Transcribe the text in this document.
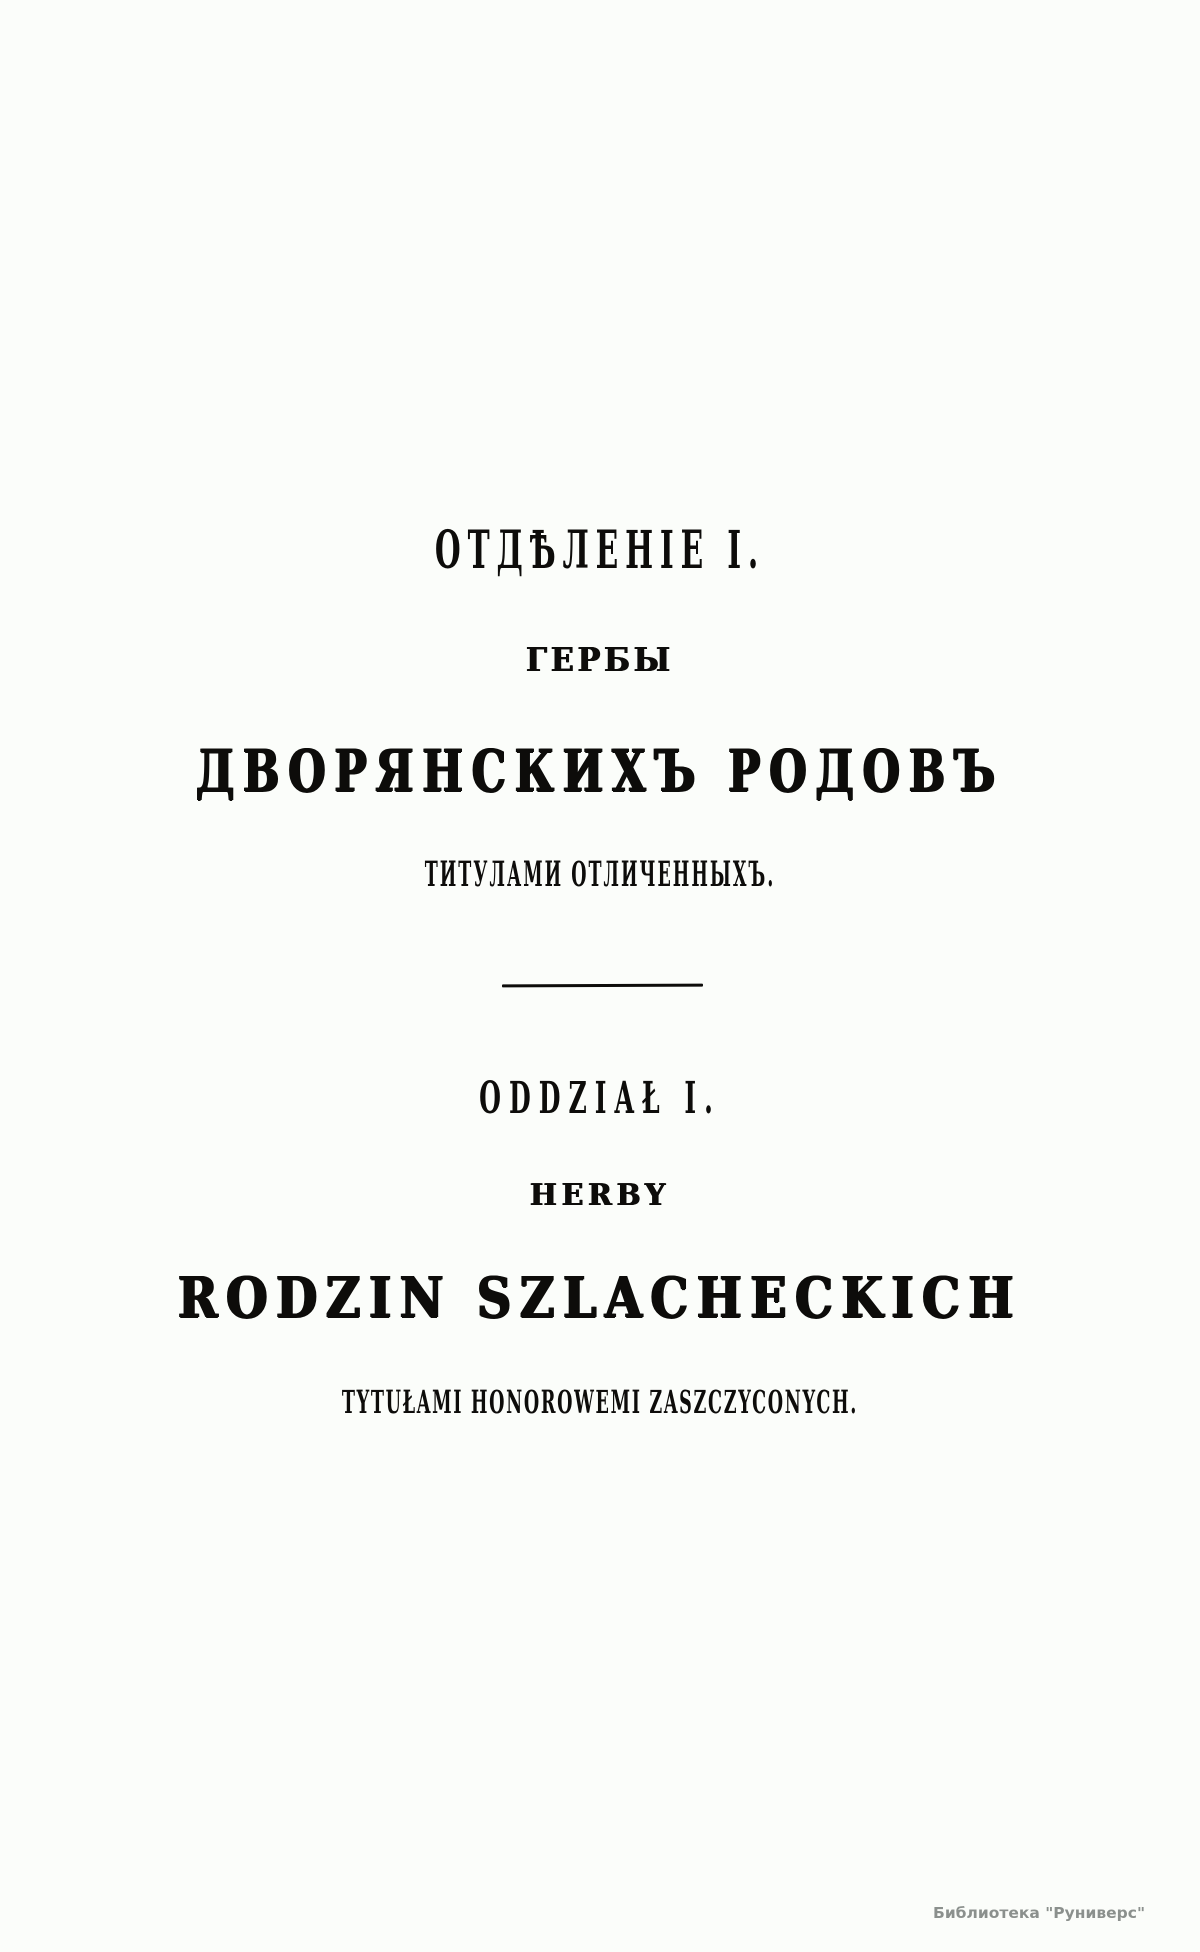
ОТДѢЛЕНІЕ I.
ГЕРБЫ
ДВОРЯНСКИХЪ РОДОВЪ
ТИТУЛАМИ ОТЛИЧЕННЫХЪ.
ODDZIAŁ I.
HERBY
RODZIN SZLACHECKICH
TYTUŁAMI HONOROWEMI ZASZCZYCONYCH.
Библиотека "Руниверс"
